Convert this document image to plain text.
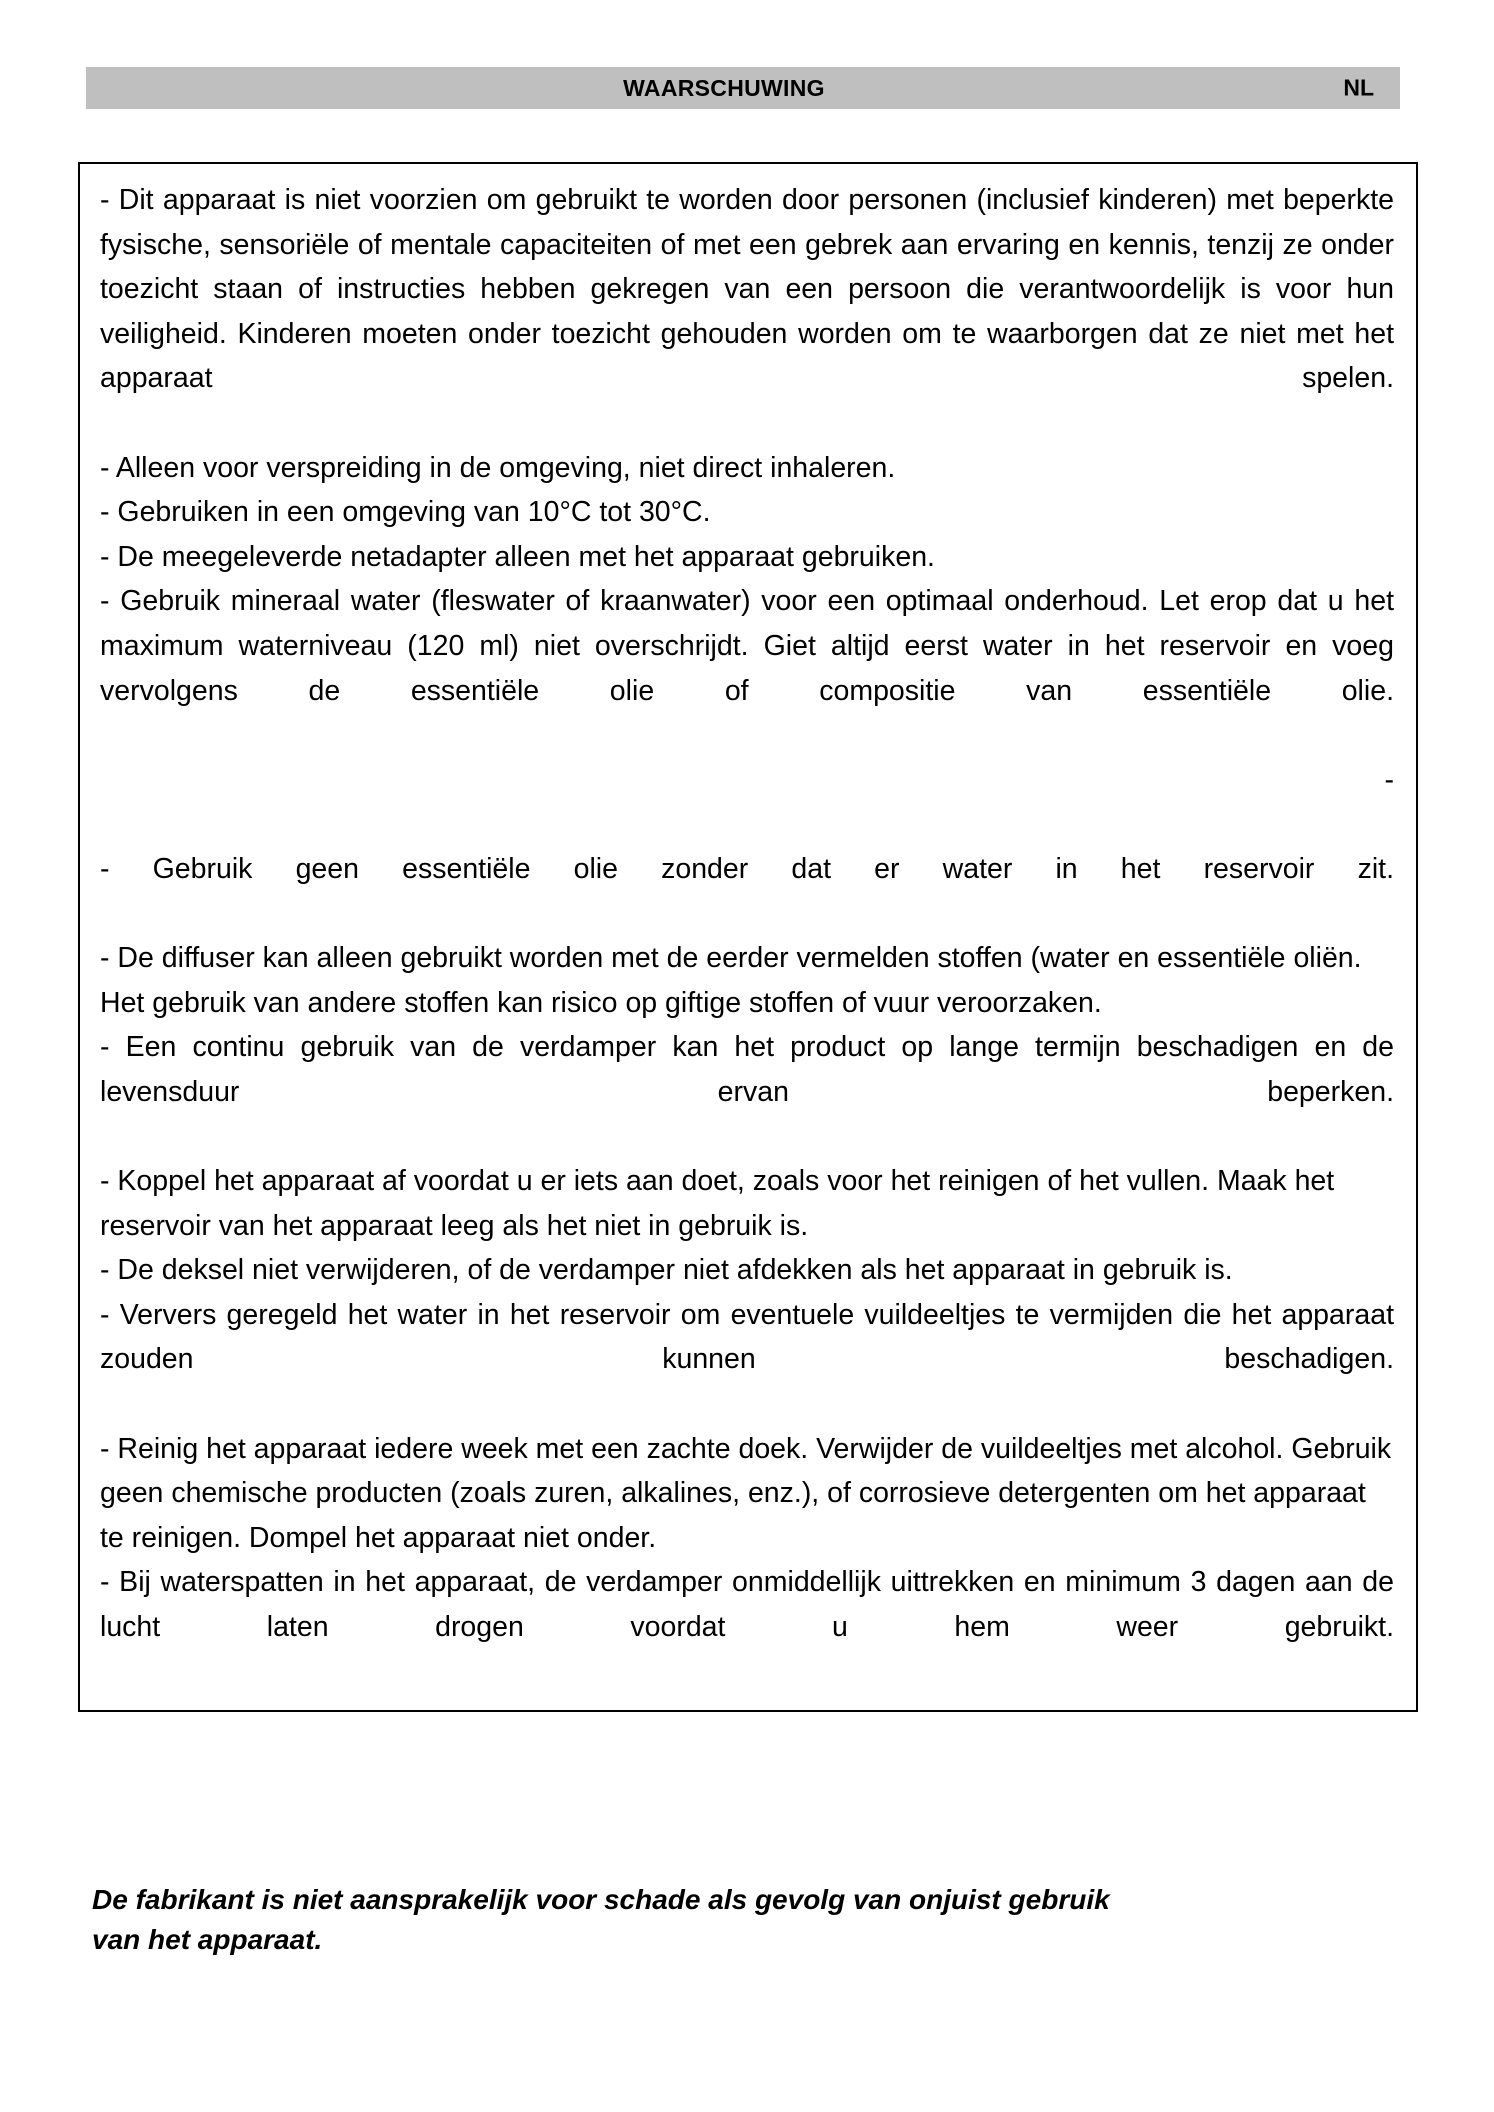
WAARSCHUWING	NL

- Dit apparaat is niet voorzien om gebruikt te worden door personen (inclusief kinderen) met beperkte fysische, sensoriële of mentale capaciteiten of met een gebrek aan ervaring en kennis, tenzij ze onder toezicht staan of instructies hebben gekregen van een persoon die verantwoordelijk is voor hun veiligheid. Kinderen moeten onder toezicht gehouden worden om te waarborgen dat ze niet met het apparaat spelen.

- Alleen voor verspreiding in de omgeving, niet direct inhaleren.

- Gebruiken in een omgeving van 10°C tot 30°C.

- De meegeleverde netadapter alleen met het apparaat gebruiken.

- Gebruik mineraal water (fleswater of kraanwater) voor een optimaal onderhoud. Let erop dat u het maximum waterniveau (120 ml) niet overschrijdt. Giet altijd eerst water in het reservoir en voeg vervolgens de essentiële olie of compositie van essentiële olie.

-

- Gebruik geen essentiële olie zonder dat er water in het reservoir zit.

- De diffuser kan alleen gebruikt worden met de eerder vermelden stoffen (water en essentiële oliën. Het gebruik van andere stoffen kan risico op giftige stoffen of vuur veroorzaken.

- Een continu gebruik van de verdamper kan het product op lange termijn beschadigen en de levensduur ervan beperken.

- Koppel het apparaat af voordat u er iets aan doet, zoals voor het reinigen of het vullen. Maak het reservoir van het apparaat leeg als het niet in gebruik is.

- De deksel niet verwijderen, of de verdamper niet afdekken als het apparaat in gebruik is.

- Ververs geregeld het water in het reservoir om eventuele vuildeeltjes te vermijden die het apparaat zouden kunnen beschadigen.

- Reinig het apparaat iedere week met een zachte doek. Verwijder de vuildeeltjes met alcohol. Gebruik geen chemische producten (zoals zuren, alkalines, enz.), of corrosieve detergenten om het apparaat te reinigen. Dompel het apparaat niet onder.

- Bij waterspatten in het apparaat, de verdamper onmiddellijk uittrekken en minimum 3 dagen aan de lucht laten drogen voordat u hem weer gebruikt.

De fabrikant is niet aansprakelijk voor schade als gevolg van onjuist gebruik
van het apparaat.
